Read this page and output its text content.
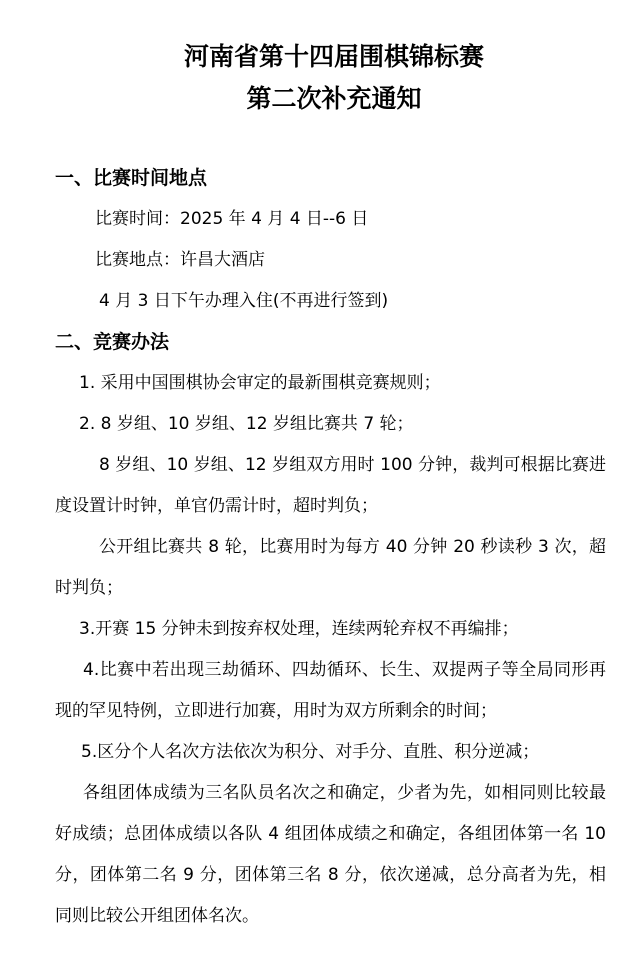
河南省第十四届围棋锦标赛
第二次补充通知
一、比赛时间地点
比赛时间：2025 年 4 月 4 日--6 日
比赛地点：许昌大酒店
4 月 3 日下午办理入住(不再进行签到)
二、竞赛办法
1. 采用中国围棋协会审定的最新围棋竞赛规则；
2. 8 岁组、10 岁组、12 岁组比赛共 7 轮；
8 岁组、10 岁组、12 岁组双方用时 100 分钟，裁判可根据比赛进度设置计时钟，单官仍需计时，超时判负；
公开组比赛共 8 轮，比赛用时为每方 40 分钟 20 秒读秒 3 次，超时判负；
3.开赛 15 分钟未到按弃权处理，连续两轮弃权不再编排；
4.比赛中若出现三劫循环、四劫循环、长生、双提两子等全局同形再现的罕见特例，立即进行加赛，用时为双方所剩余的时间；
5.区分个人名次方法依次为积分、对手分、直胜、积分逆减；
各组团体成绩为三名队员名次之和确定，少者为先，如相同则比较最好成绩；总团体成绩以各队 4 组团体成绩之和确定，各组团体第一名 10 分，团体第二名 9 分，团体第三名 8 分，依次递减，总分高者为先，相同则比较公开组团体名次。
